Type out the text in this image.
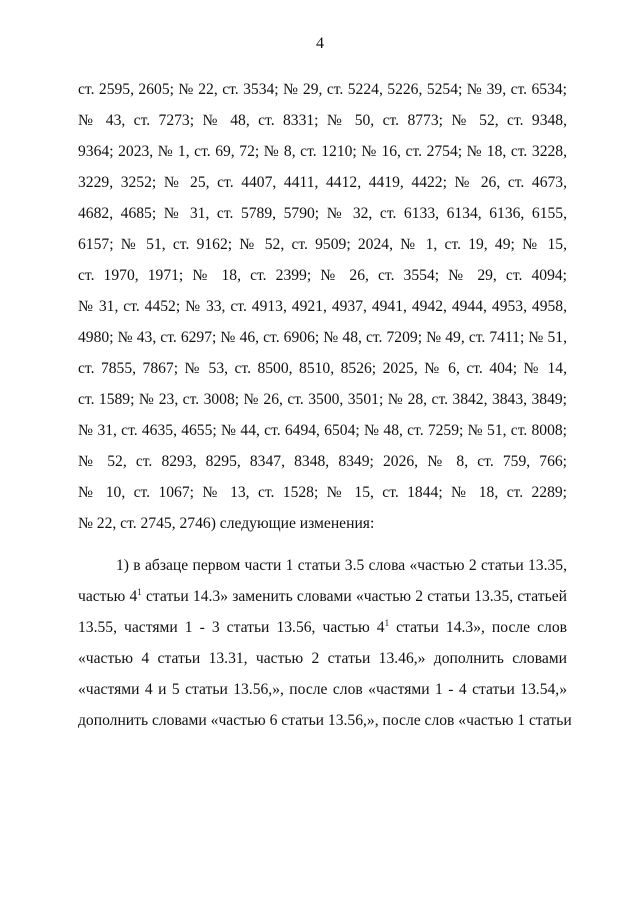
4
ст. 2595, 2605; № 22, ст. 3534; № 29, ст. 5224, 5226, 5254; № 39, ст. 6534;
№ 43, ст. 7273; № 48, ст. 8331; № 50, ст. 8773; № 52, ст. 9348,
9364; 2023, № 1, ст. 69, 72; № 8, ст. 1210; № 16, ст. 2754; № 18, ст. 3228,
3229, 3252; № 25, ст. 4407, 4411, 4412, 4419, 4422; № 26, ст. 4673,
4682, 4685; № 31, ст. 5789, 5790; № 32, ст. 6133, 6134, 6136, 6155,
6157; № 51, ст. 9162; № 52, ст. 9509; 2024, № 1, ст. 19, 49; № 15,
ст. 1970, 1971; № 18, ст. 2399; № 26, ст. 3554; № 29, ст. 4094;
№ 31, ст. 4452; № 33, ст. 4913, 4921, 4937, 4941, 4942, 4944, 4953, 4958,
4980; № 43, ст. 6297; № 46, ст. 6906; № 48, ст. 7209; № 49, ст. 7411; № 51,
ст. 7855, 7867; № 53, ст. 8500, 8510, 8526; 2025, № 6, ст. 404; № 14,
ст. 1589; № 23, ст. 3008; № 26, ст. 3500, 3501; № 28, ст. 3842, 3843, 3849;
№ 31, ст. 4635, 4655; № 44, ст. 6494, 6504; № 48, ст. 7259; № 51, ст. 8008;
№ 52, ст. 8293, 8295, 8347, 8348, 8349; 2026, № 8, ст. 759, 766;
№ 10, ст. 1067; № 13, ст. 1528; № 15, ст. 1844; № 18, ст. 2289;
№ 22, ст. 2745, 2746) следующие изменения:
1) в абзаце первом части 1 статьи 3.5 слова «частью 2 статьи 13.35,
частью $4^1$ статьи 14.3» заменить словами «частью 2 статьи 13.35, статьей
13.55, частями 1 - 3 статьи 13.56, частью $4^1$ статьи 14.3», после слов
«частью 4 статьи 13.31, частью 2 статьи 13.46,» дополнить словами
«частями 4 и 5 статьи 13.56,», после слов «частями 1 - 4 статьи 13.54,»
дополнить словами «частью 6 статьи 13.56,», после слов «частью 1 статьи
